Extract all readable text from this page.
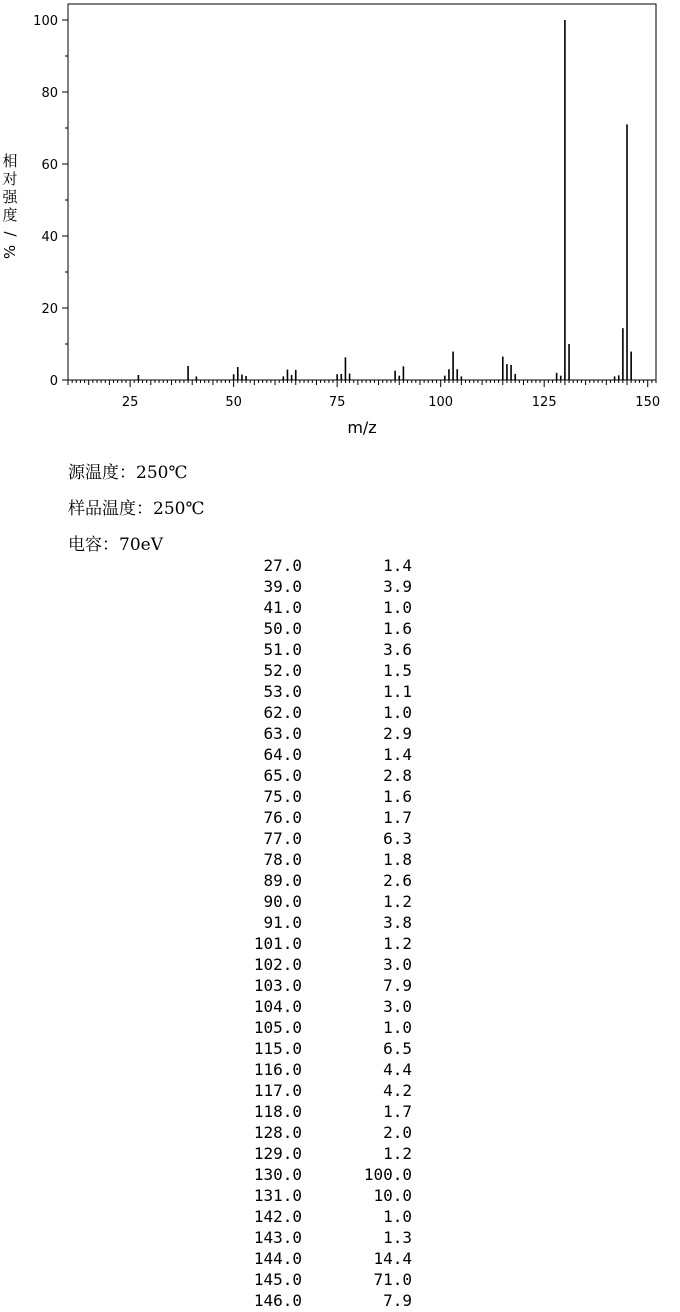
25	50	75	100	125	150
0
20
40
60
80
100
m/z
相
对
强
度
/
%
源温度：250℃
样品温度：250℃
电容：70eV
27.0	1.4
39.0	3.9
41.0	1.0
50.0	1.6
51.0	3.6
52.0	1.5
53.0	1.1
62.0	1.0
63.0	2.9
64.0	1.4
65.0	2.8
75.0	1.6
76.0	1.7
77.0	6.3
78.0	1.8
89.0	2.6
90.0	1.2
91.0	3.8
101.0	1.2
102.0	3.0
103.0	7.9
104.0	3.0
105.0	1.0
115.0	6.5
116.0	4.4
117.0	4.2
118.0	1.7
128.0	2.0
129.0	1.2
130.0	100.0
131.0	10.0
142.0	1.0
143.0	1.3
144.0	14.4
145.0	71.0
146.0	7.9
